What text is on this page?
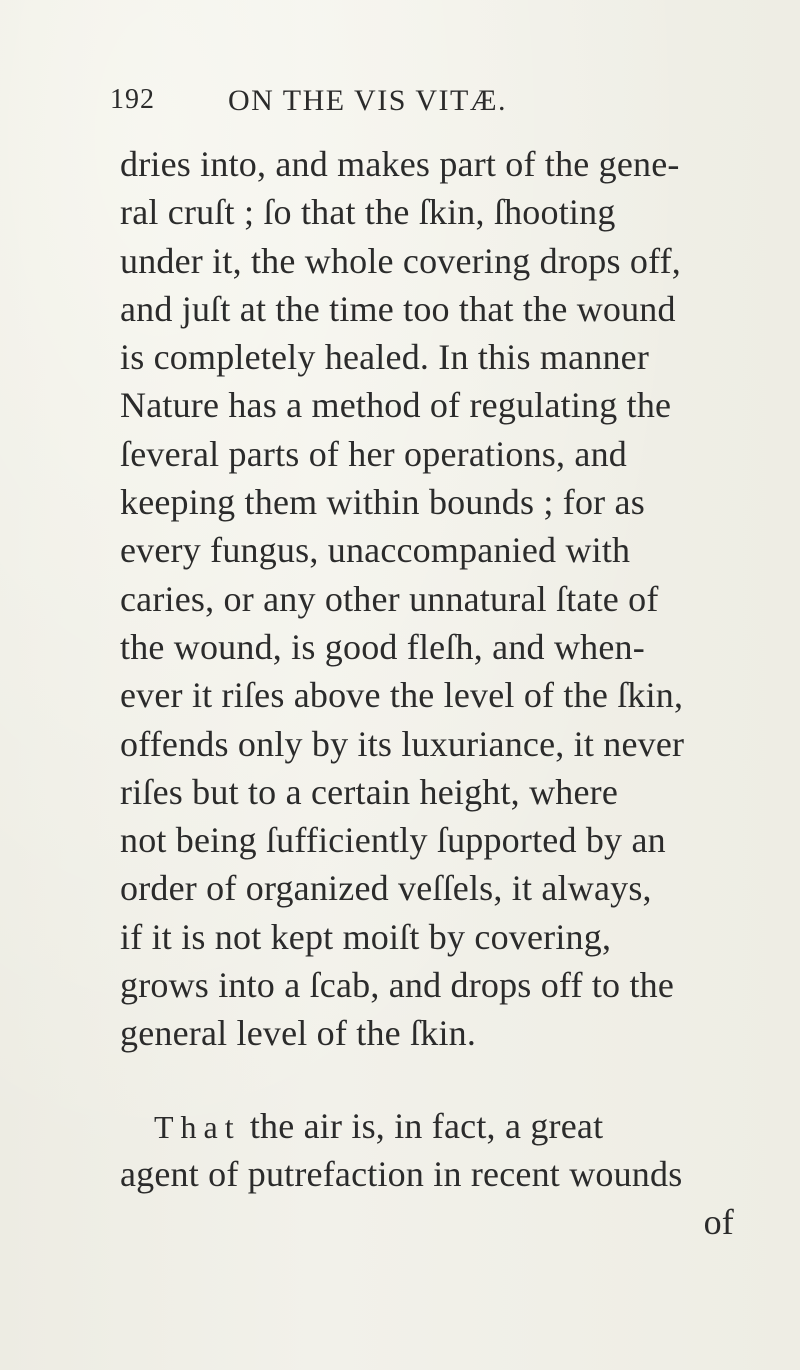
192 ON THE VIS VITÆ.
dries into, and makes part of the gene-
ral cruſt ; ſo that the ſkin, ſhooting
under it, the whole covering drops off,
and juſt at the time too that the wound
is completely healed. In this manner
Nature has a method of regulating the
ſeveral parts of her operations, and
keeping them within bounds ; for as
every fungus, unaccompanied with
caries, or any other unnatural ſtate of
the wound, is good fleſh, and when-
ever it riſes above the level of the ſkin,
offends only by its luxuriance, it never
riſes but to a certain height, where
not being ſufficiently ſupported by an
order of organized veſſels, it always,
if it is not kept moiſt by covering,
grows into a ſcab, and drops off to the
general level of the ſkin.
That the air is, in fact, a great
agent of putrefaction in recent wounds
of
